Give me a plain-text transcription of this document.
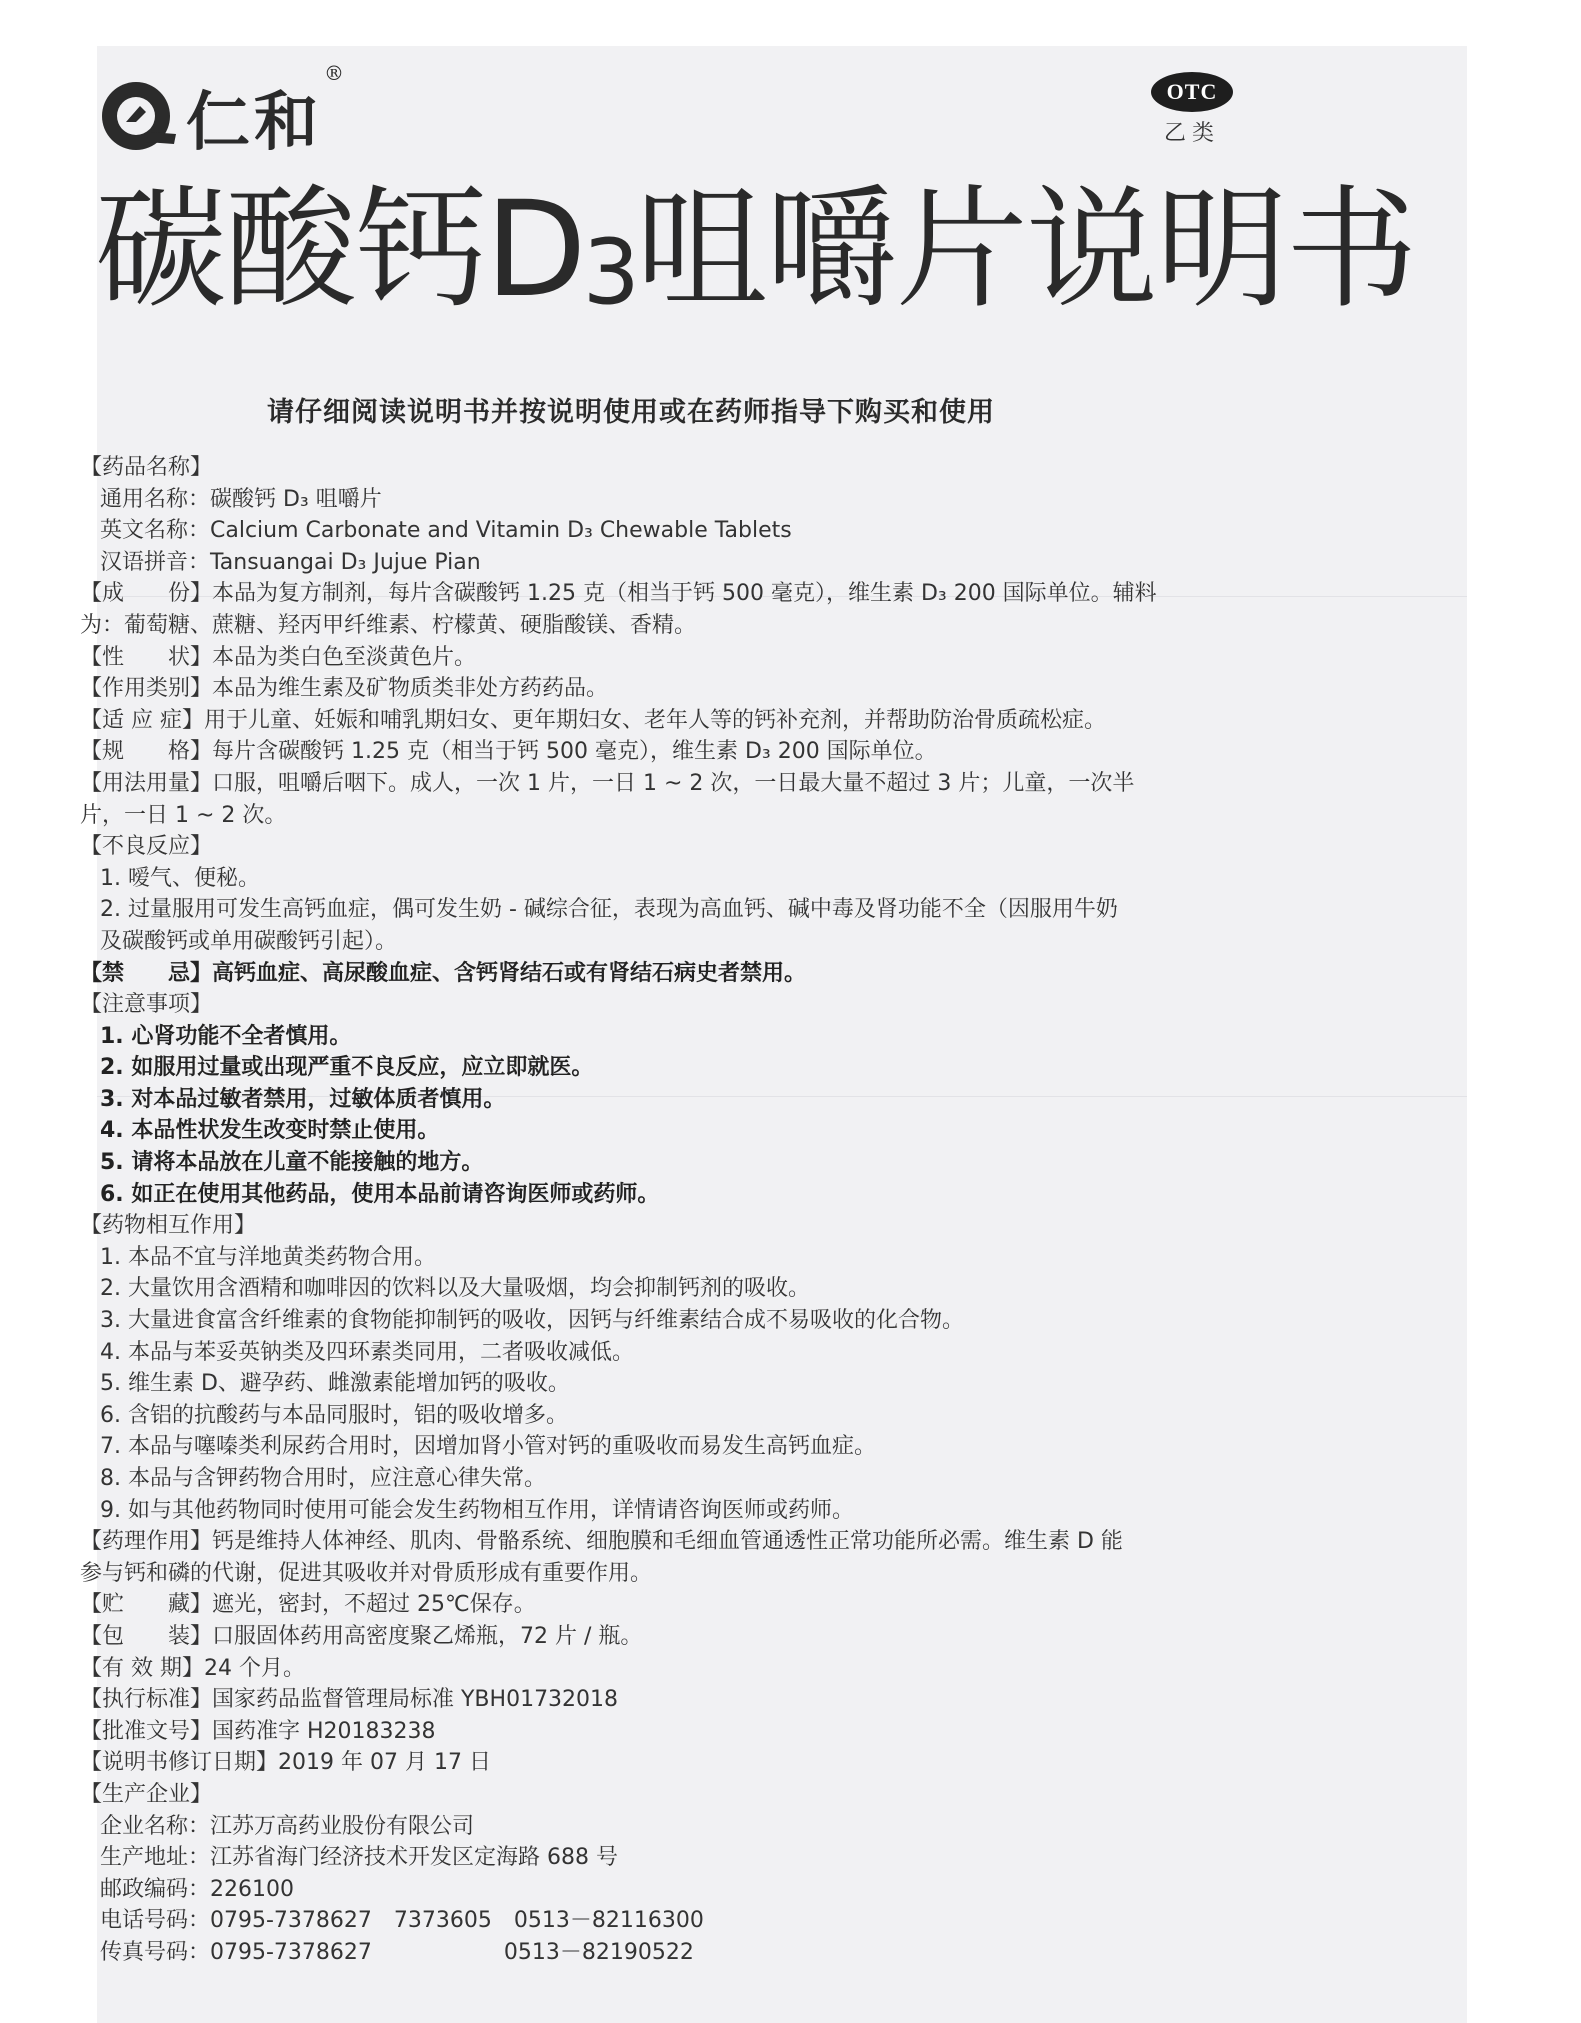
仁和®
OTC
乙类
碳酸钙$D_3$咀嚼片说明书
请仔细阅读说明书并按说明使用或在药师指导下购买和使用
【药品名称】
通用名称：碳酸钙 D₃ 咀嚼片
英文名称：Calcium Carbonate and Vitamin D₃ Chewable Tablets
汉语拼音：Tansuangai D₃ Jujue Pian
【成　　份】本品为复方制剂，每片含碳酸钙 1.25 克（相当于钙 500 毫克），维生素 D₃ 200 国际单位。辅料
为：葡萄糖、蔗糖、羟丙甲纤维素、柠檬黄、硬脂酸镁、香精。
【性　　状】本品为类白色至淡黄色片。
【作用类别】本品为维生素及矿物质类非处方药药品。
【适 应 症】用于儿童、妊娠和哺乳期妇女、更年期妇女、老年人等的钙补充剂，并帮助防治骨质疏松症。
【规　　格】每片含碳酸钙 1.25 克（相当于钙 500 毫克），维生素 D₃ 200 国际单位。
【用法用量】口服，咀嚼后咽下。成人，一次 1 片，一日 1 ~ 2 次，一日最大量不超过 3 片；儿童，一次半
片，一日 1 ~ 2 次。
【不良反应】
1. 嗳气、便秘。
2. 过量服用可发生高钙血症，偶可发生奶 - 碱综合征，表现为高血钙、碱中毒及肾功能不全（因服用牛奶
及碳酸钙或单用碳酸钙引起）。
【禁　　忌】高钙血症、高尿酸血症、含钙肾结石或有肾结石病史者禁用。
【注意事项】
1. 心肾功能不全者慎用。
2. 如服用过量或出现严重不良反应，应立即就医。
3. 对本品过敏者禁用，过敏体质者慎用。
4. 本品性状发生改变时禁止使用。
5. 请将本品放在儿童不能接触的地方。
6. 如正在使用其他药品，使用本品前请咨询医师或药师。
【药物相互作用】
1. 本品不宜与洋地黄类药物合用。
2. 大量饮用含酒精和咖啡因的饮料以及大量吸烟，均会抑制钙剂的吸收。
3. 大量进食富含纤维素的食物能抑制钙的吸收，因钙与纤维素结合成不易吸收的化合物。
4. 本品与苯妥英钠类及四环素类同用，二者吸收减低。
5. 维生素 D、避孕药、雌激素能增加钙的吸收。
6. 含铝的抗酸药与本品同服时，铝的吸收增多。
7. 本品与噻嗪类利尿药合用时，因增加肾小管对钙的重吸收而易发生高钙血症。
8. 本品与含钾药物合用时，应注意心律失常。
9. 如与其他药物同时使用可能会发生药物相互作用，详情请咨询医师或药师。
【药理作用】钙是维持人体神经、肌肉、骨骼系统、细胞膜和毛细血管通透性正常功能所必需。维生素 D 能
参与钙和磷的代谢，促进其吸收并对骨质形成有重要作用。
【贮　　藏】遮光，密封，不超过 25℃保存。
【包　　装】口服固体药用高密度聚乙烯瓶，72 片 / 瓶。
【有 效 期】24 个月。
【执行标准】国家药品监督管理局标准 YBH01732018
【批准文号】国药准字 H20183238
【说明书修订日期】2019 年 07 月 17 日
【生产企业】
企业名称：江苏万高药业股份有限公司
生产地址：江苏省海门经济技术开发区定海路 688 号
邮政编码：226100
电话号码：0795-7378627　7373605　0513－82116300
传真号码：0795-7378627　　　　　　0513－82190522
